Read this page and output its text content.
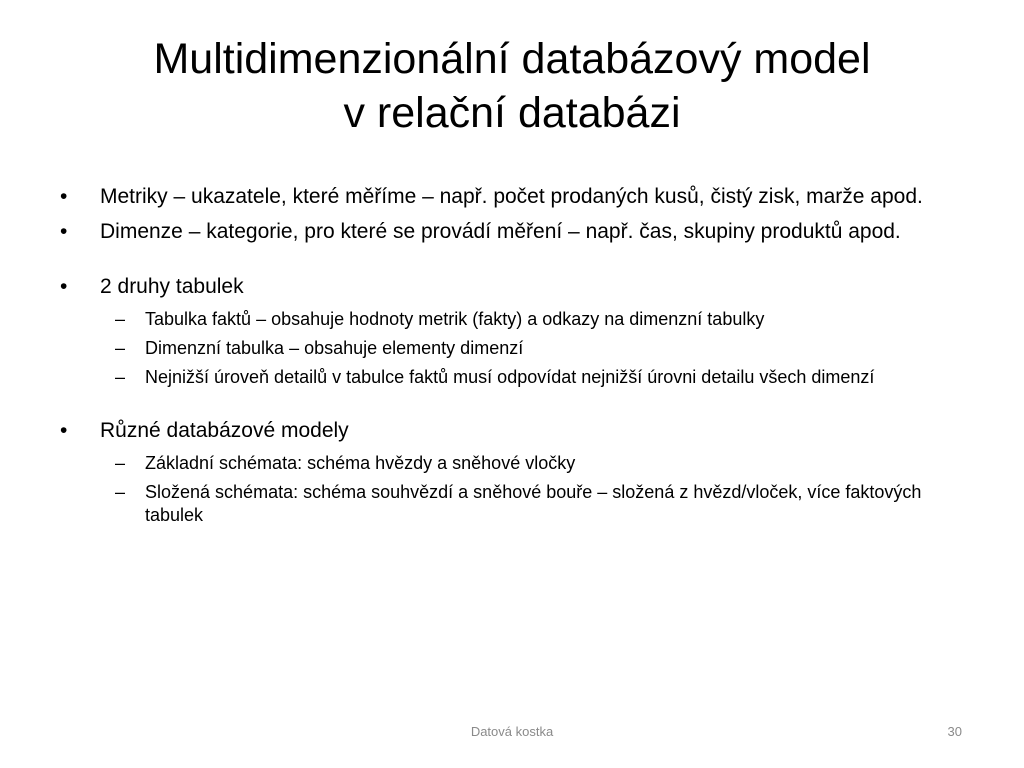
Multidimenzionální databázový model
v relační databázi
• Metriky – ukazatele, které měříme – např. počet prodaných kusů, čistý zisk, marže apod.
• Dimenze – kategorie, pro které se provádí měření – např. čas, skupiny produktů apod.
• 2 druhy tabulek
– Tabulka faktů – obsahuje hodnoty metrik (fakty) a odkazy na dimenzní tabulky
– Dimenzní tabulka – obsahuje elementy dimenzí
– Nejnižší úroveň detailů v tabulce faktů musí odpovídat nejnižší úrovni detailu všech dimenzí
• Různé databázové modely
– Základní schémata: schéma hvězdy a sněhové vločky
– Složená schémata: schéma souhvězdí a sněhové bouře – složená z hvězd/vloček, více faktových tabulek
Datová kostka	30
